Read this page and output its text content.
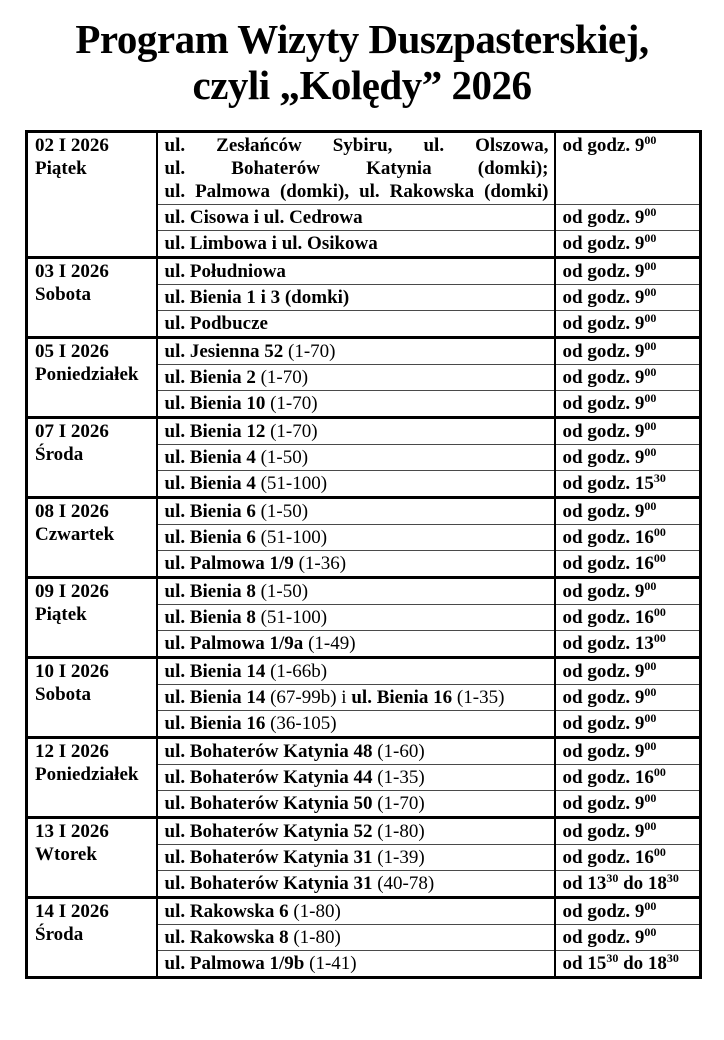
Program Wizyty Duszpasterskiej,
czyli „Kolędy” 2026
02 I 2026
Piątek

ul. Zesłańców Sybiru, ul. Olszowa,
ul. Bohaterów Katynia (domki);
ul. Palmowa (domki), ul. Rakowska (domki)
	od godz. $9^{00}$
	ul. Cisowa i ul. Cedrowa	od godz. $9^{00}$
	ul. Limbowa i ul. Osikowa	od godz. $9^{00}$

03 I 2026
Sobota	ul. Południowa	od godz. $9^{00}$
	ul. Bienia 1 i 3 (domki)	od godz. $9^{00}$
	ul. Podbucze	od godz. $9^{00}$

05 I 2026
Poniedziałek	ul. Jesienna 52 (1-70)	od godz. $9^{00}$
	ul. Bienia 2 (1-70)	od godz. $9^{00}$
	ul. Bienia 10 (1-70)	od godz. $9^{00}$

07 I 2026
Środa	ul. Bienia 12 (1-70)	od godz. $9^{00}$
	ul. Bienia 4 (1-50)	od godz. $9^{00}$
	ul. Bienia 4 (51-100)	od godz. $15^{30}$

08 I 2026
Czwartek	ul. Bienia 6 (1-50)	od godz. $9^{00}$
	ul. Bienia 6 (51-100)	od godz. $16^{00}$
	ul. Palmowa 1/9 (1-36)	od godz. $16^{00}$

09 I 2026
Piątek	ul. Bienia 8 (1-50)	od godz. $9^{00}$
	ul. Bienia 8 (51-100)	od godz. $16^{00}$
	ul. Palmowa 1/9a (1-49)	od godz. $13^{00}$

10 I 2026
Sobota	ul. Bienia 14 (1-66b)	od godz. $9^{00}$
	ul. Bienia 14 (67-99b) i ul. Bienia 16 (1-35)	od godz. $9^{00}$
	ul. Bienia 16 (36-105)	od godz. $9^{00}$

12 I 2026
Poniedziałek	ul. Bohaterów Katynia 48 (1-60)	od godz. $9^{00}$
	ul. Bohaterów Katynia 44 (1-35)	od godz. $16^{00}$
	ul. Bohaterów Katynia 50 (1-70)	od godz. $9^{00}$

13 I 2026
Wtorek	ul. Bohaterów Katynia 52 (1-80)	od godz. $9^{00}$
	ul. Bohaterów Katynia 31 (1-39)	od godz. $16^{00}$
	ul. Bohaterów Katynia 31 (40-78)	od $13^{30}$ do $18^{30}$

14 I 2026
Środa	ul. Rakowska 6 (1-80)	od godz. $9^{00}$
	ul. Rakowska 8 (1-80)	od godz. $9^{00}$
	ul. Palmowa 1/9b (1-41)	od $15^{30}$ do $18^{30}$
